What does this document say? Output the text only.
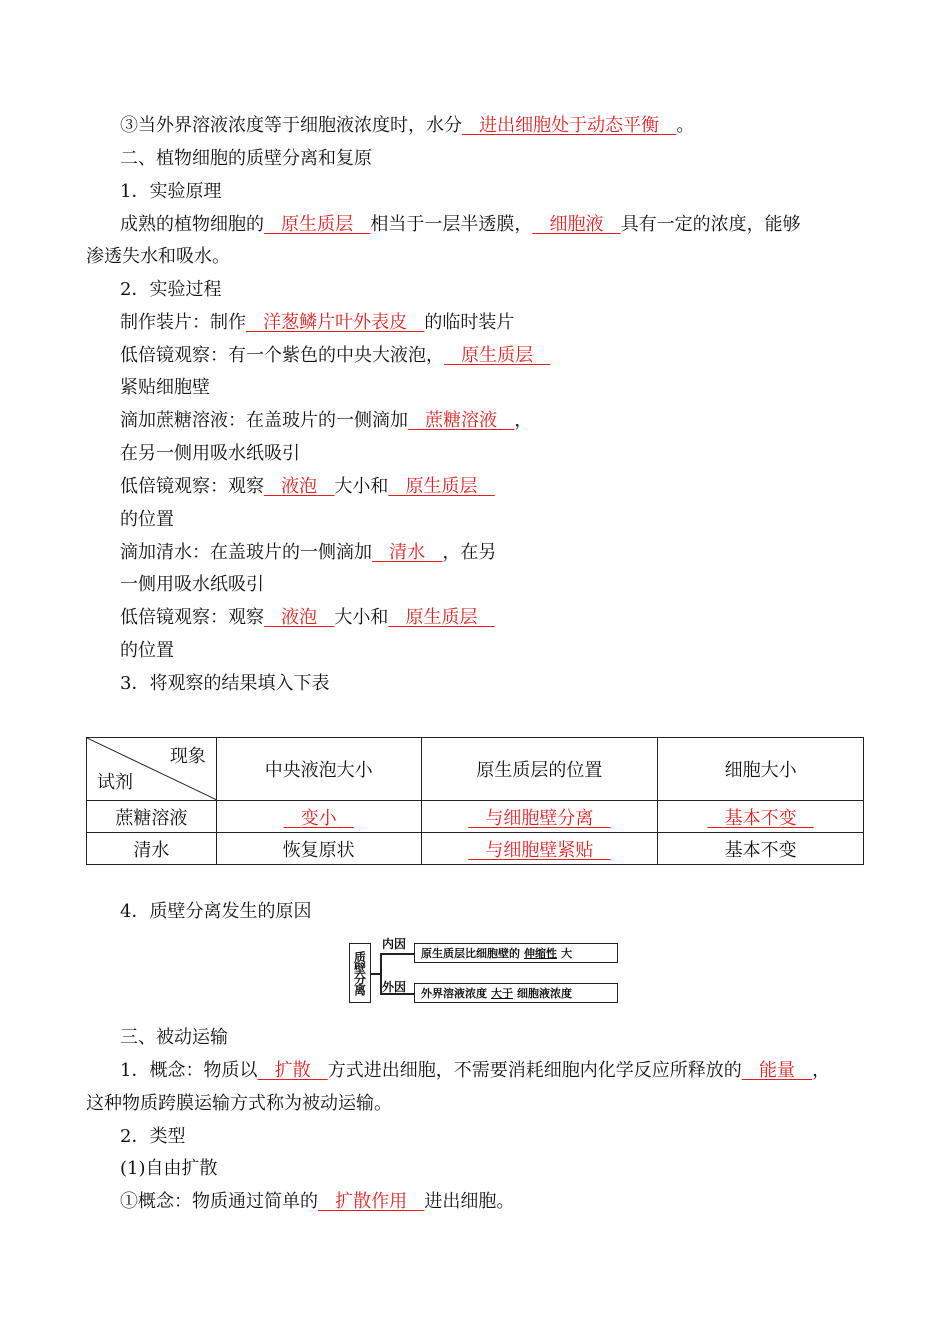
③当外界溶液浓度等于细胞液浓度时，水分 进出细胞处于动态平衡 。
二、植物细胞的质壁分离和复原
1．实验原理
成熟的植物细胞的 原生质层 相当于一层半透膜， 细胞液 具有一定的浓度，能够
渗透失水和吸水。
2．实验过程
制作装片：制作 洋葱鳞片叶外表皮 的临时装片
低倍镜观察：有一个紫色的中央大液泡， 原生质层
紧贴细胞壁
滴加蔗糖溶液：在盖玻片的一侧滴加 蔗糖溶液 ，
在另一侧用吸水纸吸引
低倍镜观察：观察 液泡 大小和 原生质层
的位置
滴加清水：在盖玻片的一侧滴加 清水 ，在另
一侧用吸水纸吸引
低倍镜观察：观察 液泡 大小和 原生质层
的位置
3．将观察的结果填入下表
现象
试剂	中央液泡大小	原生质层的位置	细胞大小
蔗糖溶液	变小	与细胞壁分离	基本不变
清水	恢复原状	与细胞壁紧贴	基本不变
4．质壁分离发生的原因
质壁分离
内因
外因
原生质层比细胞壁的 伸缩性 大
外界溶液浓度 大于 细胞液浓度
三、被动运输
1．概念：物质以 扩散 方式进出细胞，不需要消耗细胞内化学反应所释放的 能量 ，
这种物质跨膜运输方式称为被动运输。
2．类型
(1)自由扩散
①概念：物质通过简单的 扩散作用 进出细胞。
